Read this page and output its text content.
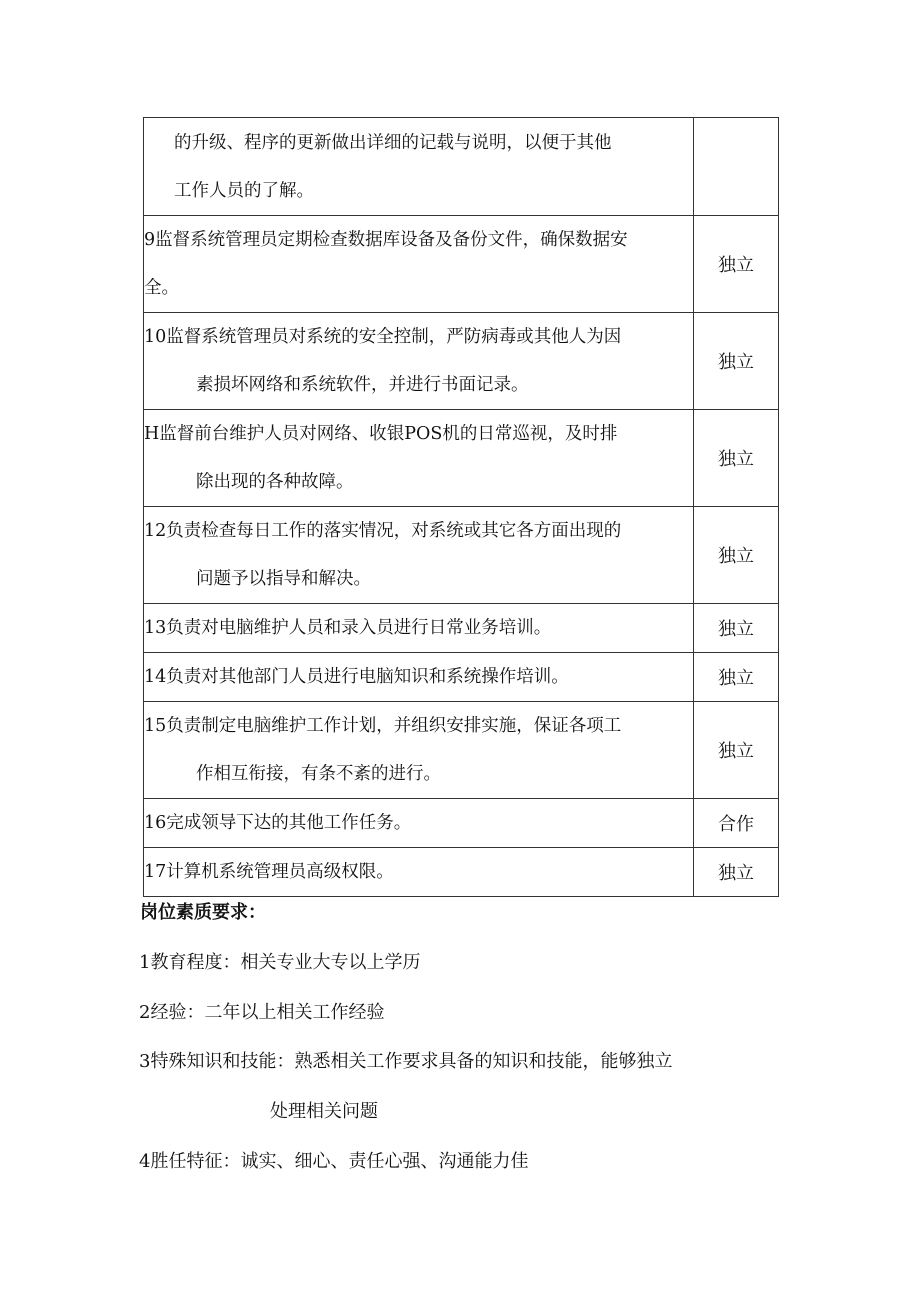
的升级、程序的更新做出详细的记载与说明，以便于其他
工作人员的了解。	

9监督系统管理员定期检查数据库设备及备份文件，确保数据安
全。	独立

10监督系统管理员对系统的安全控制，严防病毒或其他人为因
素损坏网络和系统软件，并进行书面记录。	独立

H监督前台维护人员对网络、收银POS机的日常巡视，及时排
除出现的各种故障。	独立

12负责检查每日工作的落实情况，对系统或其它各方面出现的
问题予以指导和解决。	独立

13负责对电脑维护人员和录入员进行日常业务培训。	独立

14负责对其他部门人员进行电脑知识和系统操作培训。	独立

15负责制定电脑维护工作计划，并组织安排实施，保证各项工
作相互衔接，有条不紊的进行。	独立

16完成领导下达的其他工作任务。	合作

17计算机系统管理员高级权限。	独立
岗位素质要求：
1教育程度：相关专业大专以上学历
2经验：二年以上相关工作经验
3特殊知识和技能：熟悉相关工作要求具备的知识和技能，能够独立
处理相关问题
4胜任特征：诚实、细心、责任心强、沟通能力佳
